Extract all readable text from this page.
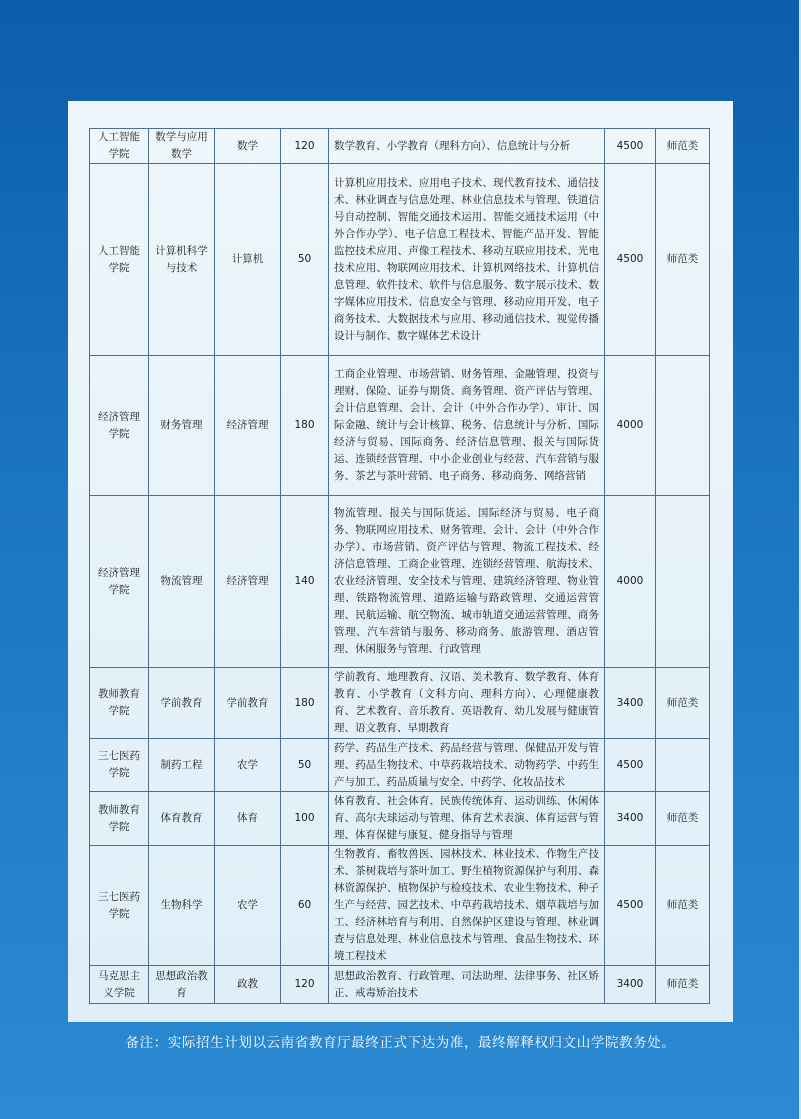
人工智能学院	数学与应用数学	数学	120	数学教育、小学教育（理科方向）、信息统计与分析	4500	师范类
人工智能学院	计算机科学与技术	计算机	50	计算机应用技术、应用电子技术、现代教育技术、通信技术、林业调查与信息处理、林业信息技术与管理、铁道信号自动控制、智能交通技术运用、智能交通技术运用（中外合作办学）、电子信息工程技术、智能产品开发、智能监控技术应用、声像工程技术、移动互联应用技术、光电技术应用、物联网应用技术、计算机网络技术、计算机信息管理、软件技术、软件与信息服务、数字展示技术、数字媒体应用技术、信息安全与管理、移动应用开发、电子商务技术、大数据技术与应用、移动通信技术、视觉传播设计与制作、数字媒体艺术设计	4500	师范类
经济管理学院	财务管理	经济管理	180	工商企业管理、市场营销、财务管理、金融管理、投资与理财、保险、证券与期货、商务管理、资产评估与管理、会计信息管理、会计、会计（中外合作办学）、审计、国际金融、统计与会计核算、税务、信息统计与分析、国际经济与贸易、国际商务、经济信息管理、报关与国际货运、连锁经营管理、中小企业创业与经营、汽车营销与服务、茶艺与茶叶营销、电子商务、移动商务、网络营销	4000	
经济管理学院	物流管理	经济管理	140	物流管理、报关与国际货运、国际经济与贸易、电子商务、物联网应用技术、财务管理、会计、会计（中外合作办学）、市场营销、资产评估与管理、物流工程技术、经济信息管理、工商企业管理、连锁经营管理、航海技术、农业经济管理、安全技术与管理、建筑经济管理、物业管理、铁路物流管理、道路运输与路政管理、交通运营管理、民航运输、航空物流、城市轨道交通运营管理、商务管理、汽车营销与服务、移动商务、旅游管理、酒店管理、休闲服务与管理、行政管理	4000	
教师教育学院	学前教育	学前教育	180	学前教育、地理教育、汉语、美术教育、数学教育、体育教育、小学教育（文科方向、理科方向）、心理健康教育、艺术教育、音乐教育、英语教育、幼儿发展与健康管理、语文教育、早期教育	3400	师范类
三七医药学院	制药工程	农学	50	药学、药品生产技术、药品经营与管理、保健品开发与管理、药品生物技术、中草药栽培技术、动物药学、中药生产与加工、药品质量与安全、中药学、化妆品技术	4500	
教师教育学院	体育教育	体育	100	体育教育、社会体育、民族传统体育、运动训练、休闲体育、高尔夫球运动与管理、体育艺术表演、体育运营与管理、体育保健与康复、健身指导与管理	3400	师范类
三七医药学院	生物科学	农学	60	生物教育、畜牧兽医、园林技术、林业技术、作物生产技术、茶树栽培与茶叶加工、野生植物资源保护与利用、森林资源保护、植物保护与检疫技术、农业生物技术、种子生产与经营、园艺技术、中草药栽培技术、烟草栽培与加工、经济林培育与利用、自然保护区建设与管理、林业调查与信息处理、林业信息技术与管理、食品生物技术、环境工程技术	4500	师范类
马克思主义学院	思想政治教育	政教	120	思想政治教育、行政管理、司法助理、法律事务、社区矫正、戒毒矫治技术	3400	师范类
备注：实际招生计划以云南省教育厅最终正式下达为准，最终解释权归文山学院教务处。
